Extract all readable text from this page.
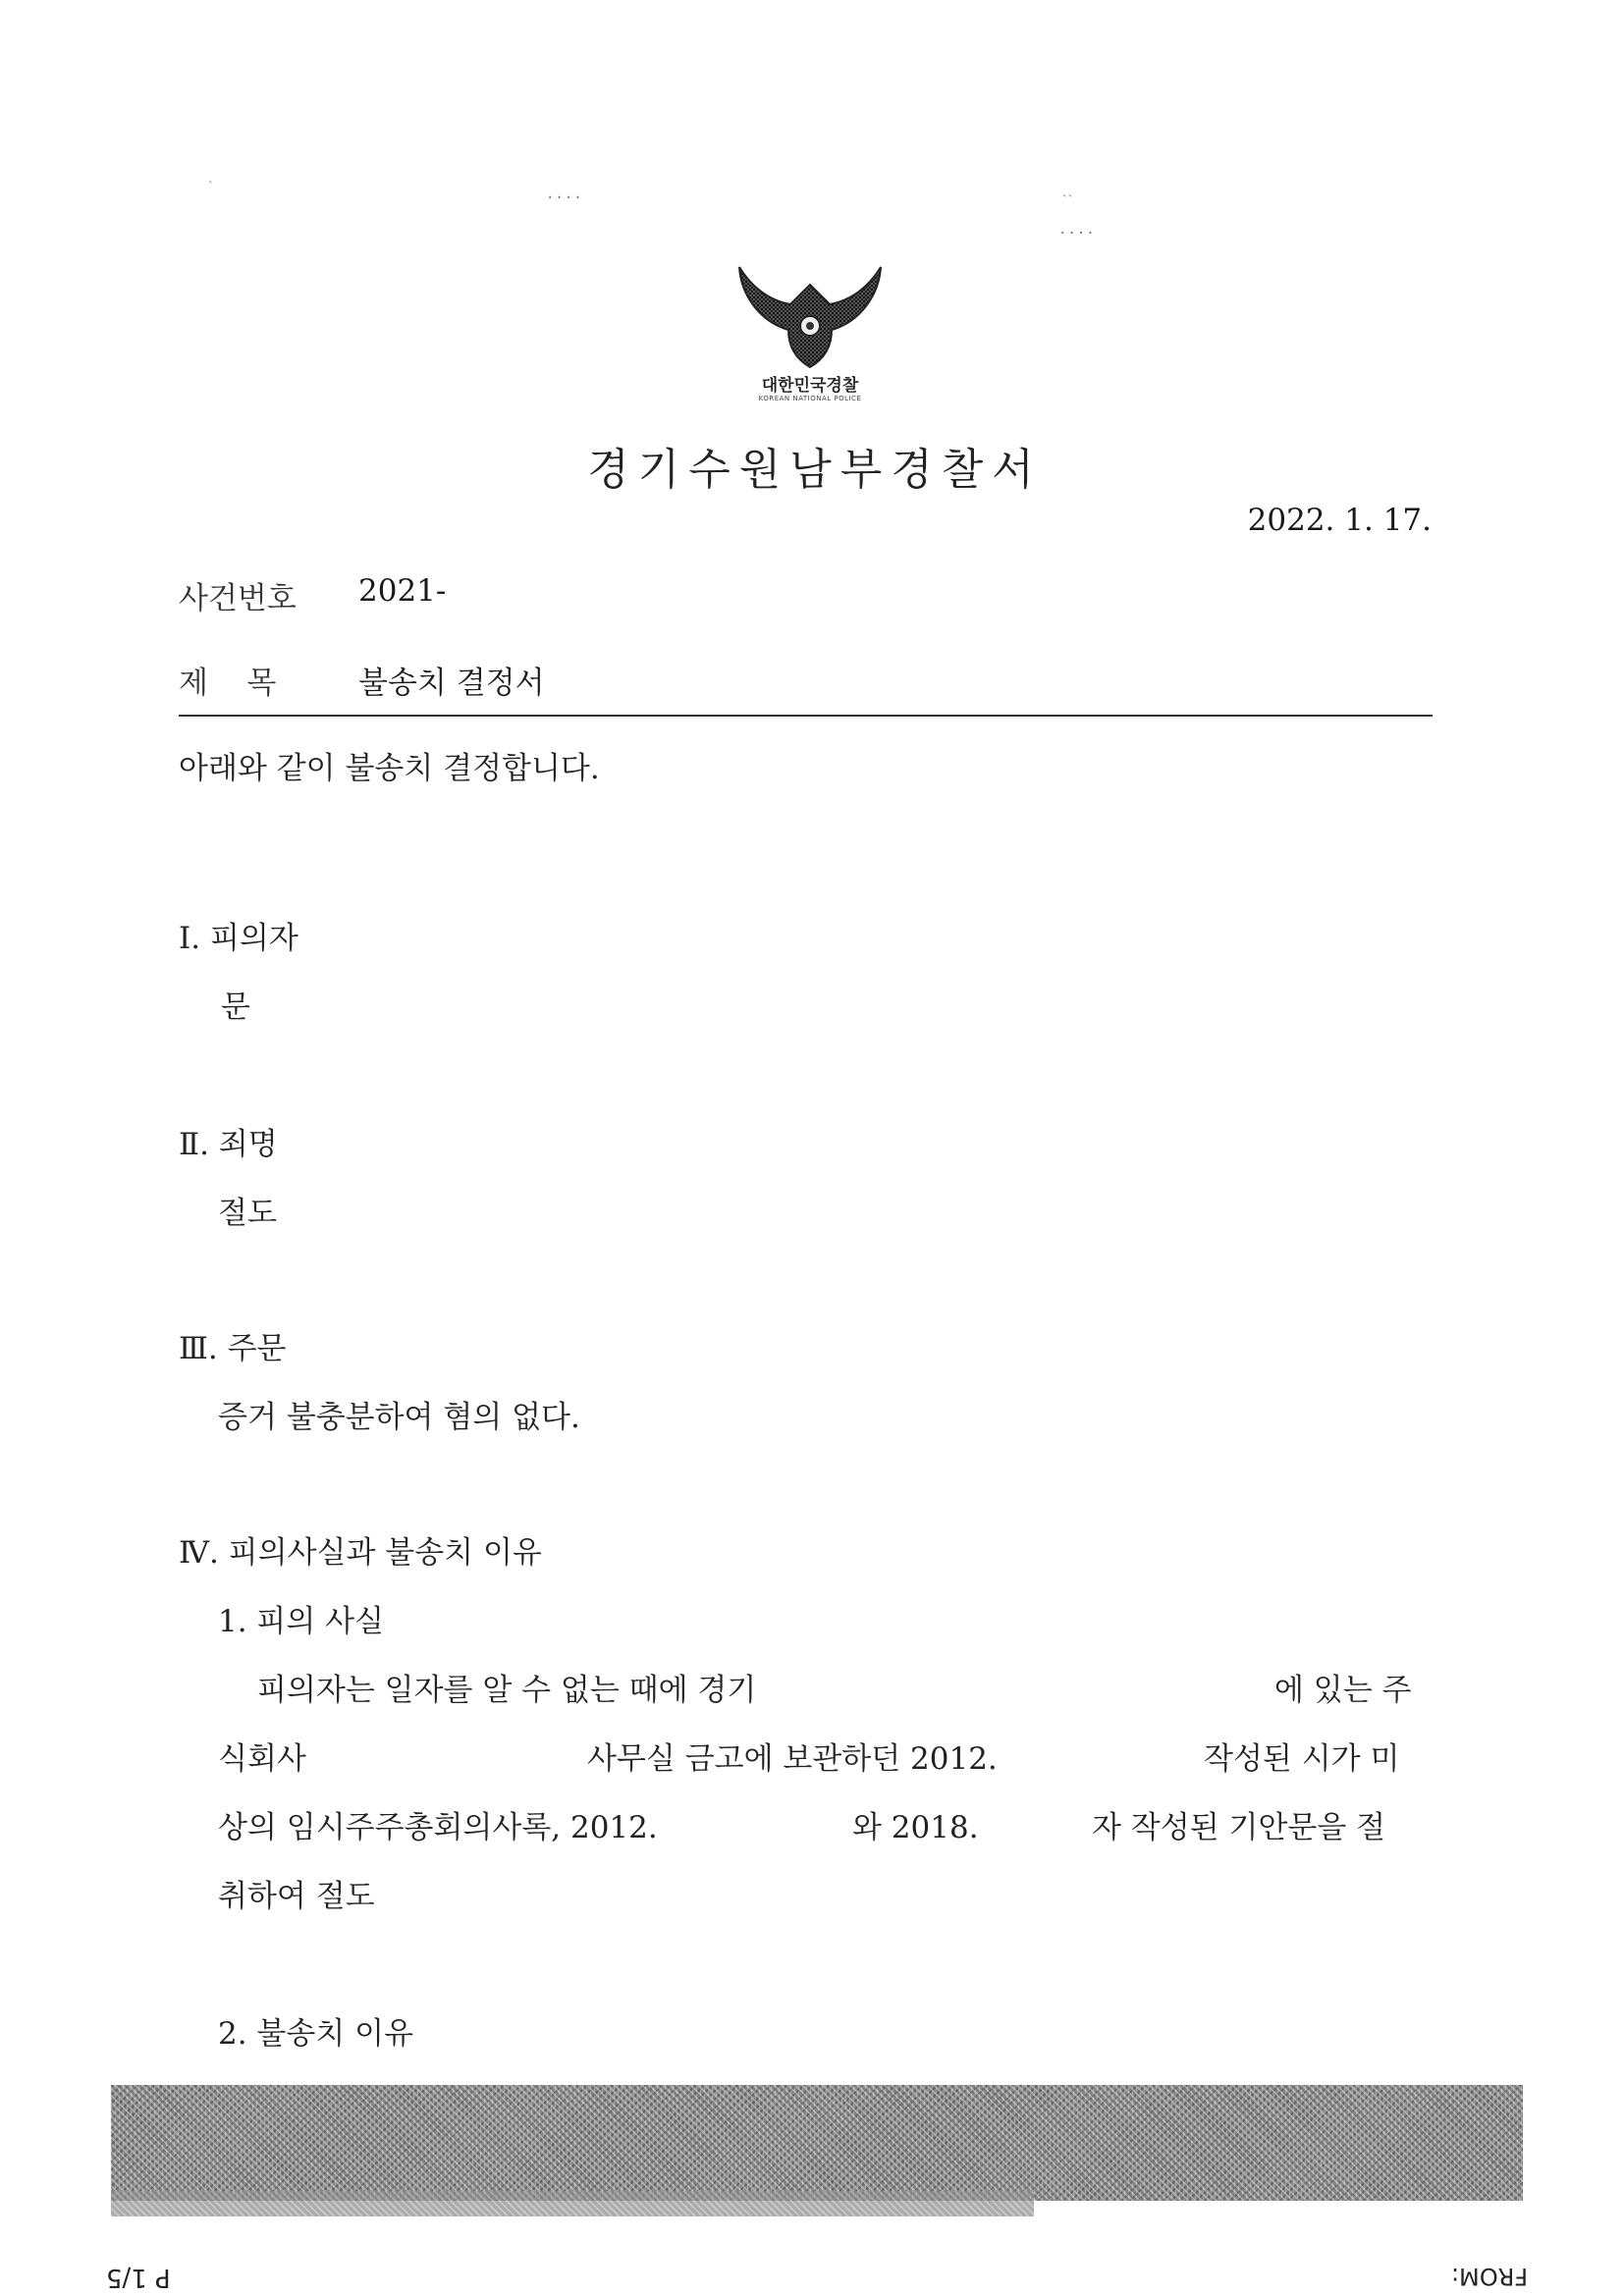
ˋ	....	ˋˋ
....
대한민국경찰
KOREAN NATIONAL POLICE
경기수원남부경찰서
2022. 1. 17.
사건번호 2021-
제    목	불송치 결정서
아래와 같이 불송치 결정합니다.
Ⅰ. 피의자
문
Ⅱ. 죄명
절도
Ⅲ. 주문
증거 불충분하여 혐의 없다.
Ⅳ. 피의사실과 불송치 이유
1. 피의 사실
피의자는 일자를 알 수 없는 때에 경기	에 있는 주
식회사	사무실 금고에 보관하던 2012.	작성된 시가 미
상의 임시주주총회의사록, 2012.	와 2018.	자 작성된 기안문을 절
취하여 절도
2. 불송치 이유
P 1/5	FROM:
